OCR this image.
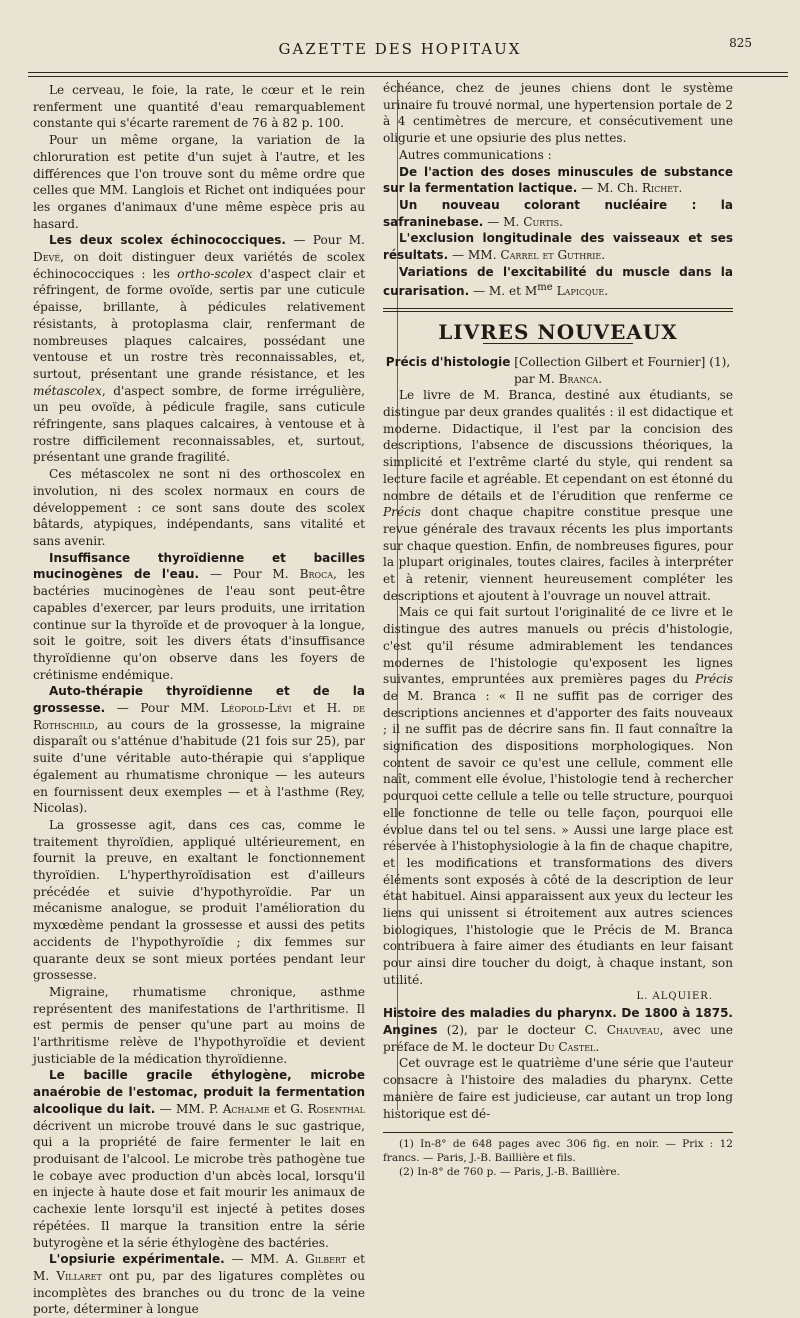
GAZETTE DES HOPITAUX	825

Le cerveau, le foie, la rate, le cœur et le rein renferment une quantité d'eau remarquablement constante qui s'écarte rarement de 76 à 82 p. 100.

Pour un même organe, la variation de la chloruration est petite d'un sujet à l'autre, et les différences que l'on trouve sont du même ordre que celles que MM. Langlois et Richet ont indiquées pour les organes d'animaux d'une même espèce pris au hasard.

Les deux scolex échinococciques. — Pour M. Devé, on doit distinguer deux variétés de scolex échinococciques : les ortho-scolex d'aspect clair et réfringent, de forme ovoïde, sertis par une cuticule épaisse, brillante, à pédicules relativement résistants, à protoplasma clair, renfermant de nombreuses plaques calcaires, possédant une ventouse et un rostre très reconnaissables, et, surtout, présentant une grande résistance, et les métascolex, d'aspect sombre, de forme irrégulière, un peu ovoïde, à pédicule fragile, sans cuticule réfringente, sans plaques calcaires, à ventouse et à rostre difficilement reconnaissables, et, surtout, présentant une grande fragilité.

Ces métascolex ne sont ni des orthoscolex en involution, ni des scolex normaux en cours de développement : ce sont sans doute des scolex bâtards, atypiques, indépendants, sans vitalité et sans avenir.

Insuffisance thyroïdienne et bacilles mucinogènes de l'eau. — Pour M. Broca, les bactéries mucinogènes de l'eau sont peut-être capables d'exercer, par leurs produits, une irritation continue sur la thyroïde et de provoquer à la longue, soit le goitre, soit les divers états d'insuffisance thyroïdienne qu'on observe dans les foyers de crétinisme endémique.

Auto-thérapie thyroïdienne et de la grossesse. — Pour MM. Léopold-Lévi et H. de Rothschild, au cours de la grossesse, la migraine disparaît ou s'atténue d'habitude (21 fois sur 25), par suite d'une véritable auto-thérapie qui s'applique également au rhumatisme chronique — les auteurs en fournissent deux exemples — et à l'asthme (Rey, Nicolas).

La grossesse agit, dans ces cas, comme le traitement thyroïdien, appliqué ultérieurement, en fournit la preuve, en exaltant le fonctionnement thyroïdien. L'hyperthyroïdisation est d'ailleurs précédée et suivie d'hypothyroïdie. Par un mécanisme analogue, se produit l'amélioration du myxœdème pendant la grossesse et aussi des petits accidents de l'hypothyroïdie ; dix femmes sur quarante deux se sont mieux portées pendant leur grossesse.

Migraine, rhumatisme chronique, asthme représentent des manifestations de l'arthritisme. Il est permis de penser qu'une part au moins de l'arthritisme relève de l'hypothyroïdie et devient justiciable de la médication thyroïdienne.

Le bacille gracile éthylogène, microbe anaérobie de l'estomac, produit la fermentation alcoolique du lait. — MM. P. Achalme et G. Rosenthal décrivent un microbe trouvé dans le suc gastrique, qui a la propriété de faire fermenter le lait en produisant de l'alcool. Le microbe très pathogène tue le cobaye avec production d'un abcès local, lorsqu'il en injecte à haute dose et fait mourir les animaux de cachexie lente lorsqu'il est injecté à petites doses répétées. Il marque la transition entre la série butyrogène et la série éthylogène des bactéries.

L'opsiurie expérimentale. — MM. A. Gilbert et M. Villaret ont pu, par des ligatures complètes ou incomplètes des branches ou du tronc de la veine porte, déterminer à longue

échéance, chez de jeunes chiens dont le système urinaire fu trouvé normal, une hypertension portale de 2 à 4 centimètres de mercure, et consécutivement une oligurie et une opsiurie des plus nettes.

Autres communications :

De l'action des doses minuscules de substance sur la fermentation lactique. — M. Ch. Richet.

Un nouveau colorant nucléaire : la safraninebase. — M. Curtis.

L'exclusion longitudinale des vaisseaux et ses résultats. — MM. Carrel et Guthrie.

Variations de l'excitabilité du muscle dans la curarisation. — M. et $M^{me}$ Lapicque.

LIVRES NOUVEAUX
Précis d'histologie [Collection Gilbert et Fournier] (1),
par M. Branca.

Le livre de M. Branca, destiné aux étudiants, se distingue par deux grandes qualités : il est didactique et moderne. Didactique, il l'est par la concision des descriptions, l'absence de discussions théoriques, la simplicité et l'extrême clarté du style, qui rendent sa lecture facile et agréable. Et cependant on est étonné du nombre de détails et de l'érudition que renferme ce Précis dont chaque chapitre constitue presque une revue générale des travaux récents les plus importants sur chaque question. Enfin, de nombreuses figures, pour la plupart originales, toutes claires, faciles à interpréter et à retenir, viennent heureusement compléter les descriptions et ajoutent à l'ouvrage un nouvel attrait.

Mais ce qui fait surtout l'originalité de ce livre et le distingue des autres manuels ou précis d'histologie, c'est qu'il résume admirablement les tendances modernes de l'histologie qu'exposent les lignes suivantes, empruntées aux premières pages du Précis de M. Branca : « Il ne suffit pas de corriger des descriptions anciennes et d'apporter des faits nouveaux ; il ne suffit pas de décrire sans fin. Il faut connaître la signification des dispositions morphologiques. Non content de savoir ce qu'est une cellule, comment elle naît, comment elle évolue, l'histologie tend à rechercher pourquoi cette cellule a telle ou telle structure, pourquoi elle fonctionne de telle ou telle façon, pourquoi elle évolue dans tel ou tel sens. » Aussi une large place est réservée à l'histophysiologie à la fin de chaque chapitre, et les modifications et transformations des divers éléments sont exposés à côté de la description de leur état habituel. Ainsi apparaissent aux yeux du lecteur les liens qui unissent si étroitement aux autres sciences biologiques, l'histologie que le Précis de M. Branca contribuera à faire aimer des étudiants en leur faisant pour ainsi dire toucher du doigt, à chaque instant, son utilité.

L. ALQUIER.

Histoire des maladies du pharynx. De 1800 à 1875. Angines (2), par le docteur C. Chauveau, avec une préface de M. le docteur Du Castel.

Cet ouvrage est le quatrième d'une série que l'auteur consacre à l'histoire des maladies du pharynx. Cette manière de faire est judicieuse, car autant un trop long historique est dé-

(1) In-8° de 648 pages avec 306 fig. en noir. — Prix : 12 francs. — Paris, J.-B. Baillière et fils.

(2) In-8° de 760 p. — Paris, J.-B. Baillière.
